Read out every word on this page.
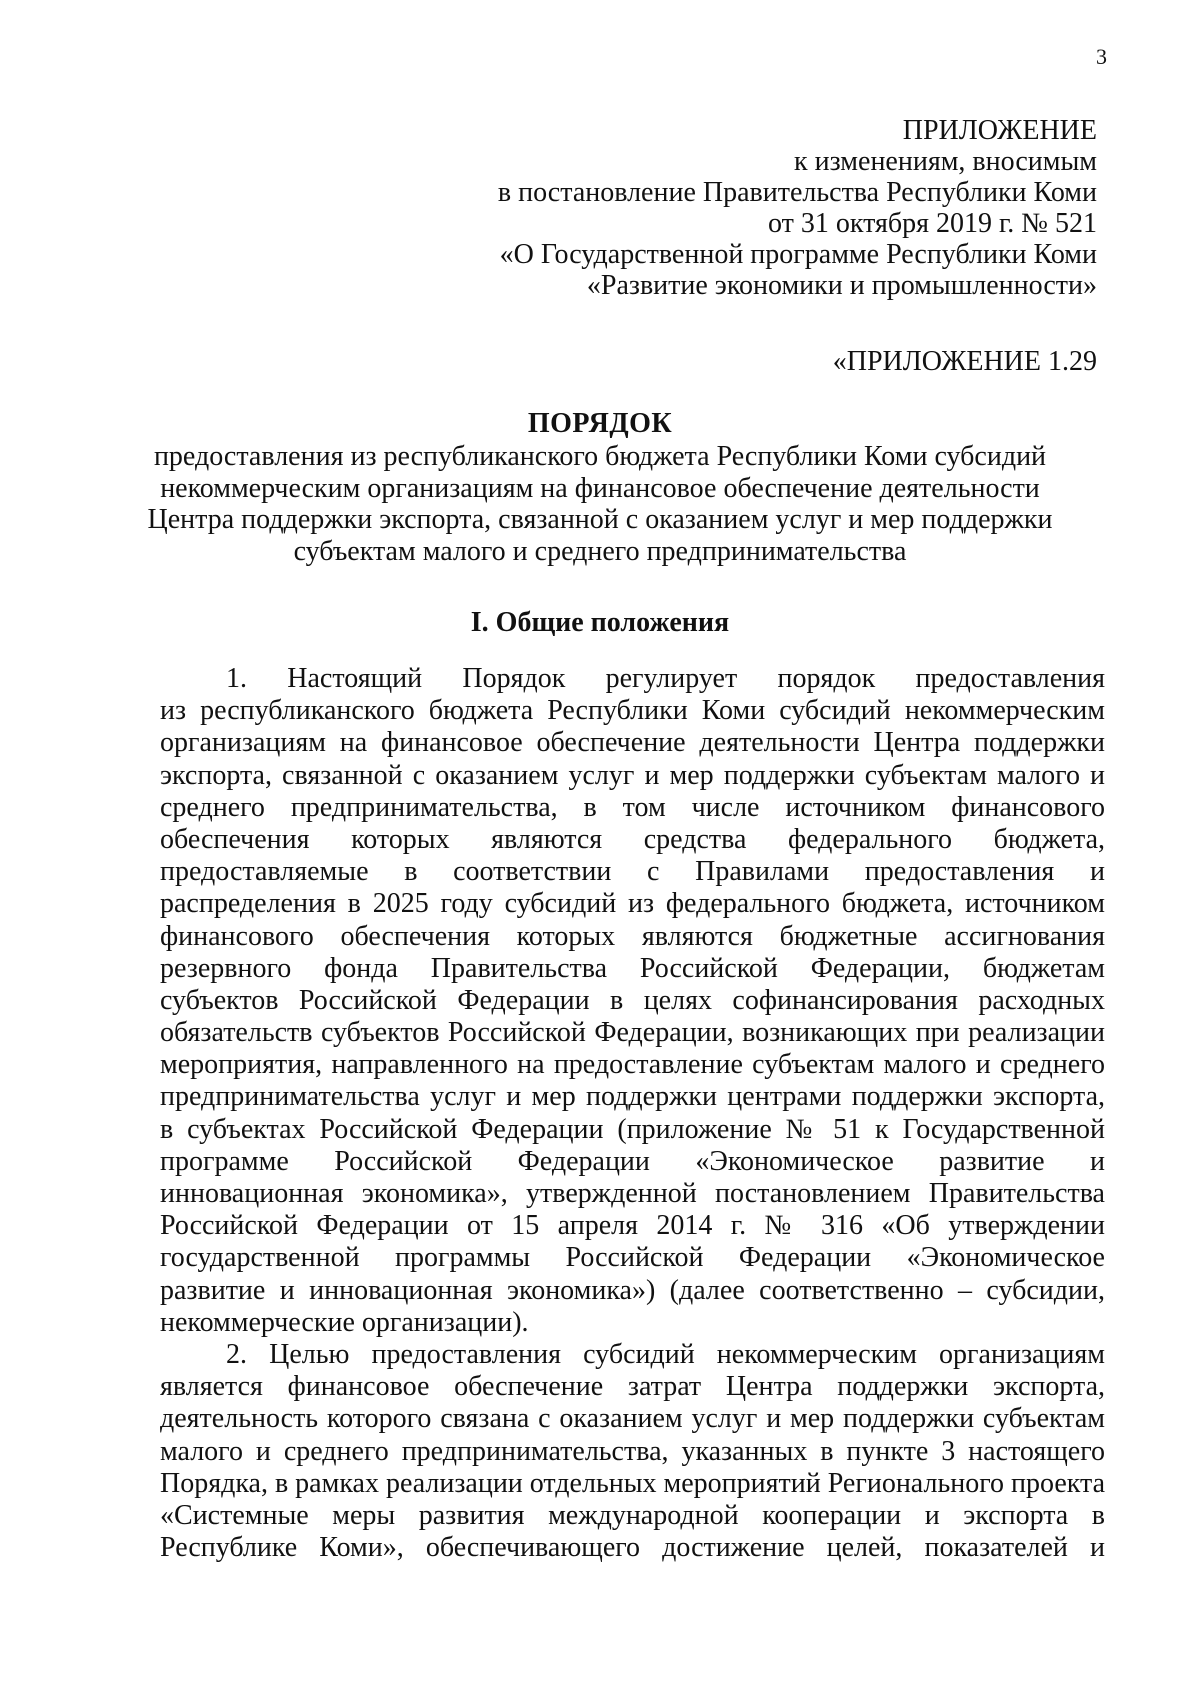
3
ПРИЛОЖЕНИЕ
к изменениям, вносимым
в постановление Правительства Республики Коми
от 31 октября 2019 г. № 521
«О Государственной программе Республики Коми
«Развитие экономики и промышленности»
«ПРИЛОЖЕНИЕ 1.29
ПОРЯДОК
предоставления из республиканского бюджета Республики Коми субсидий
некоммерческим организациям на финансовое обеспечение деятельности
Центра поддержки экспорта, связанной с оказанием услуг и мер поддержки
субъектам малого и среднего предпринимательства
I. Общие положения
1. Настоящий Порядок регулирует порядок предоставления
из республиканского бюджета Республики Коми субсидий некоммерческим
организациям на финансовое обеспечение деятельности Центра поддержки
экспорта, связанной с оказанием услуг и мер поддержки субъектам малого и
среднего предпринимательства, в том числе источником финансового
обеспечения которых являются средства федерального бюджета,
предоставляемые в соответствии с Правилами предоставления и
распределения в 2025 году субсидий из федерального бюджета, источником
финансового обеспечения которых являются бюджетные ассигнования
резервного фонда Правительства Российской Федерации, бюджетам
субъектов Российской Федерации в целях софинансирования расходных
обязательств субъектов Российской Федерации, возникающих при реализации
мероприятия, направленного на предоставление субъектам малого и среднего
предпринимательства услуг и мер поддержки центрами поддержки экспорта,
в субъектах Российской Федерации (приложение № 51 к Государственной
программе Российской Федерации «Экономическое развитие и
инновационная экономика», утвержденной постановлением Правительства
Российской Федерации от 15 апреля 2014 г. № 316 «Об утверждении
государственной программы Российской Федерации «Экономическое
развитие и инновационная экономика») (далее соответственно – субсидии,
некоммерческие организации).
2. Целью предоставления субсидий некоммерческим организациям
является финансовое обеспечение затрат Центра поддержки экспорта,
деятельность которого связана с оказанием услуг и мер поддержки субъектам
малого и среднего предпринимательства, указанных в пункте 3 настоящего
Порядка, в рамках реализации отдельных мероприятий Регионального проекта
«Системные меры развития международной кооперации и экспорта в
Республике Коми», обеспечивающего достижение целей, показателей и
